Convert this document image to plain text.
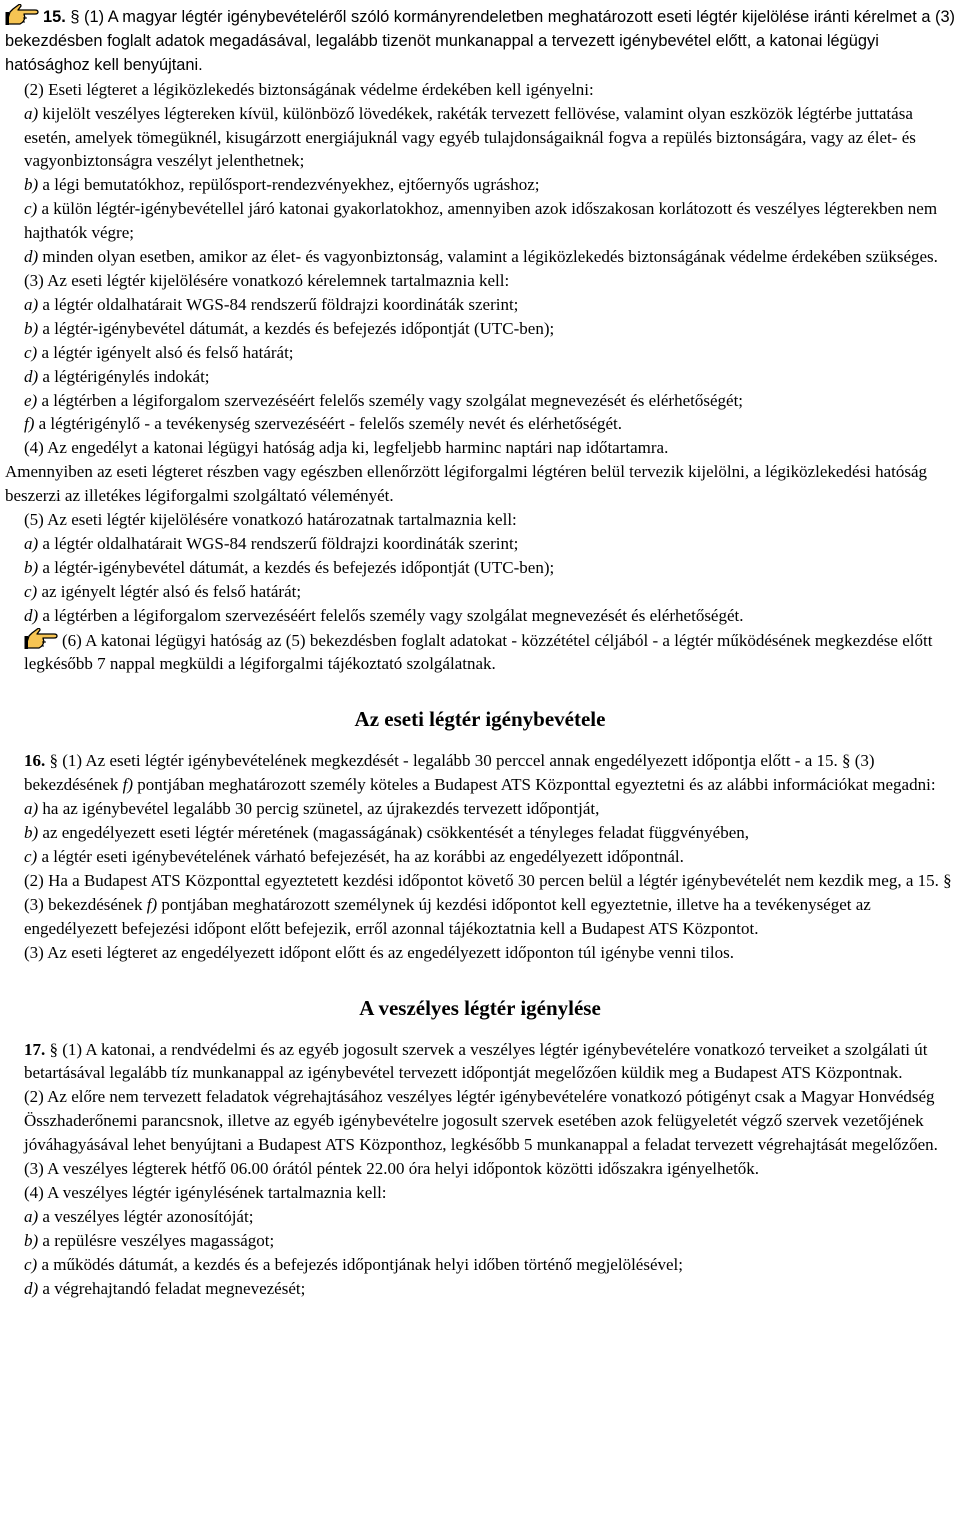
15. § (1) A magyar légtér igénybevételéről szóló kormányrendeletben meghatározott eseti légtér kijelölése iránti kérelmet a (3) bekezdésben foglalt adatok megadásával, legalább tizenöt munkanappal a tervezett igénybevétel előtt, a katonai légügyi hatósághoz kell benyújtani.

(2) Eseti légteret a légiközlekedés biztonságának védelme érdekében kell igényelni:

a) kijelölt veszélyes légtereken kívül, különböző lövedékek, rakéták tervezett fellövése, valamint olyan eszközök légtérbe juttatása esetén, amelyek tömegüknél, kisugárzott energiájuknál vagy egyéb tulajdonságaiknál fogva a repülés biztonságára, vagy az élet- és vagyonbiztonságra veszélyt jelenthetnek;

b) a légi bemutatókhoz, repülősport-rendezvényekhez, ejtőernyős ugráshoz;

c) a külön légtér-igénybevétellel járó katonai gyakorlatokhoz, amennyiben azok időszakosan korlátozott és veszélyes légterekben nem hajthatók végre;

d) minden olyan esetben, amikor az élet- és vagyonbiztonság, valamint a légiközlekedés biztonságának védelme érdekében szükséges.

(3) Az eseti légtér kijelölésére vonatkozó kérelemnek tartalmaznia kell:

a) a légtér oldalhatárait WGS-84 rendszerű földrajzi koordináták szerint;

b) a légtér-igénybevétel dátumát, a kezdés és befejezés időpontját (UTC-ben);

c) a légtér igényelt alsó és felső határát;

d) a légtérigénylés indokát;

e) a légtérben a légiforgalom szervezéséért felelős személy vagy szolgálat megnevezését és elérhetőségét;

f) a légtérigénylő - a tevékenység szervezéséért - felelős személy nevét és elérhetőségét.

(4) Az engedélyt a katonai légügyi hatóság adja ki, legfeljebb harminc naptári nap időtartamra.

Amennyiben az eseti légteret részben vagy egészben ellenőrzött légiforgalmi légtéren belül tervezik kijelölni, a légiközlekedési hatóság beszerzi az illetékes légiforgalmi szolgáltató véleményét.

(5) Az eseti légtér kijelölésére vonatkozó határozatnak tartalmaznia kell:

a) a légtér oldalhatárait WGS-84 rendszerű földrajzi koordináták szerint;

b) a légtér-igénybevétel dátumát, a kezdés és befejezés időpontját (UTC-ben);

c) az igényelt légtér alsó és felső határát;

d) a légtérben a légiforgalom szervezéséért felelős személy vagy szolgálat megnevezését és elérhetőségét.

(6) A katonai légügyi hatóság az (5) bekezdésben foglalt adatokat - közzététel céljából - a légtér működésének megkezdése előtt legkésőbb 7 nappal megküldi a légiforgalmi tájékoztató szolgálatnak.

Az eseti légtér igénybevétele

16. § (1) Az eseti légtér igénybevételének megkezdését - legalább 30 perccel annak engedélyezett időpontja előtt - a 15. § (3) bekezdésének f) pontjában meghatározott személy köteles a Budapest ATS Központtal egyeztetni és az alábbi információkat megadni:

a) ha az igénybevétel legalább 30 percig szünetel, az újrakezdés tervezett időpontját,

b) az engedélyezett eseti légtér méretének (magasságának) csökkentését a tényleges feladat függvényében,

c) a légtér eseti igénybevételének várható befejezését, ha az korábbi az engedélyezett időpontnál.

(2) Ha a Budapest ATS Központtal egyeztetett kezdési időpontot követő 30 percen belül a légtér igénybevételét nem kezdik meg, a 15. § (3) bekezdésének f) pontjában meghatározott személynek új kezdési időpontot kell egyeztetnie, illetve ha a tevékenységet az engedélyezett befejezési időpont előtt befejezik, erről azonnal tájékoztatnia kell a Budapest ATS Központot.

(3) Az eseti légteret az engedélyezett időpont előtt és az engedélyezett időponton túl igénybe venni tilos.

A veszélyes légtér igénylése

17. § (1) A katonai, a rendvédelmi és az egyéb jogosult szervek a veszélyes légtér igénybevételére vonatkozó terveiket a szolgálati út betartásával legalább tíz munkanappal az igénybevétel tervezett időpontját megelőzően küldik meg a Budapest ATS Központnak.

(2) Az előre nem tervezett feladatok végrehajtásához veszélyes légtér igénybevételére vonatkozó pótigényt csak a Magyar Honvédség Összhaderőnemi parancsnok, illetve az egyéb igénybevételre jogosult szervek esetében azok felügyeletét végző szervek vezetőjének jóváhagyásával lehet benyújtani a Budapest ATS Központhoz, legkésőbb 5 munkanappal a feladat tervezett végrehajtását megelőzően.

(3) A veszélyes légterek hétfő 06.00 órától péntek 22.00 óra helyi időpontok közötti időszakra igényelhetők.

(4) A veszélyes légtér igénylésének tartalmaznia kell:

a) a veszélyes légtér azonosítóját;

b) a repülésre veszélyes magasságot;

c) a működés dátumát, a kezdés és a befejezés időpontjának helyi időben történő megjelölésével;

d) a végrehajtandó feladat megnevezését;
